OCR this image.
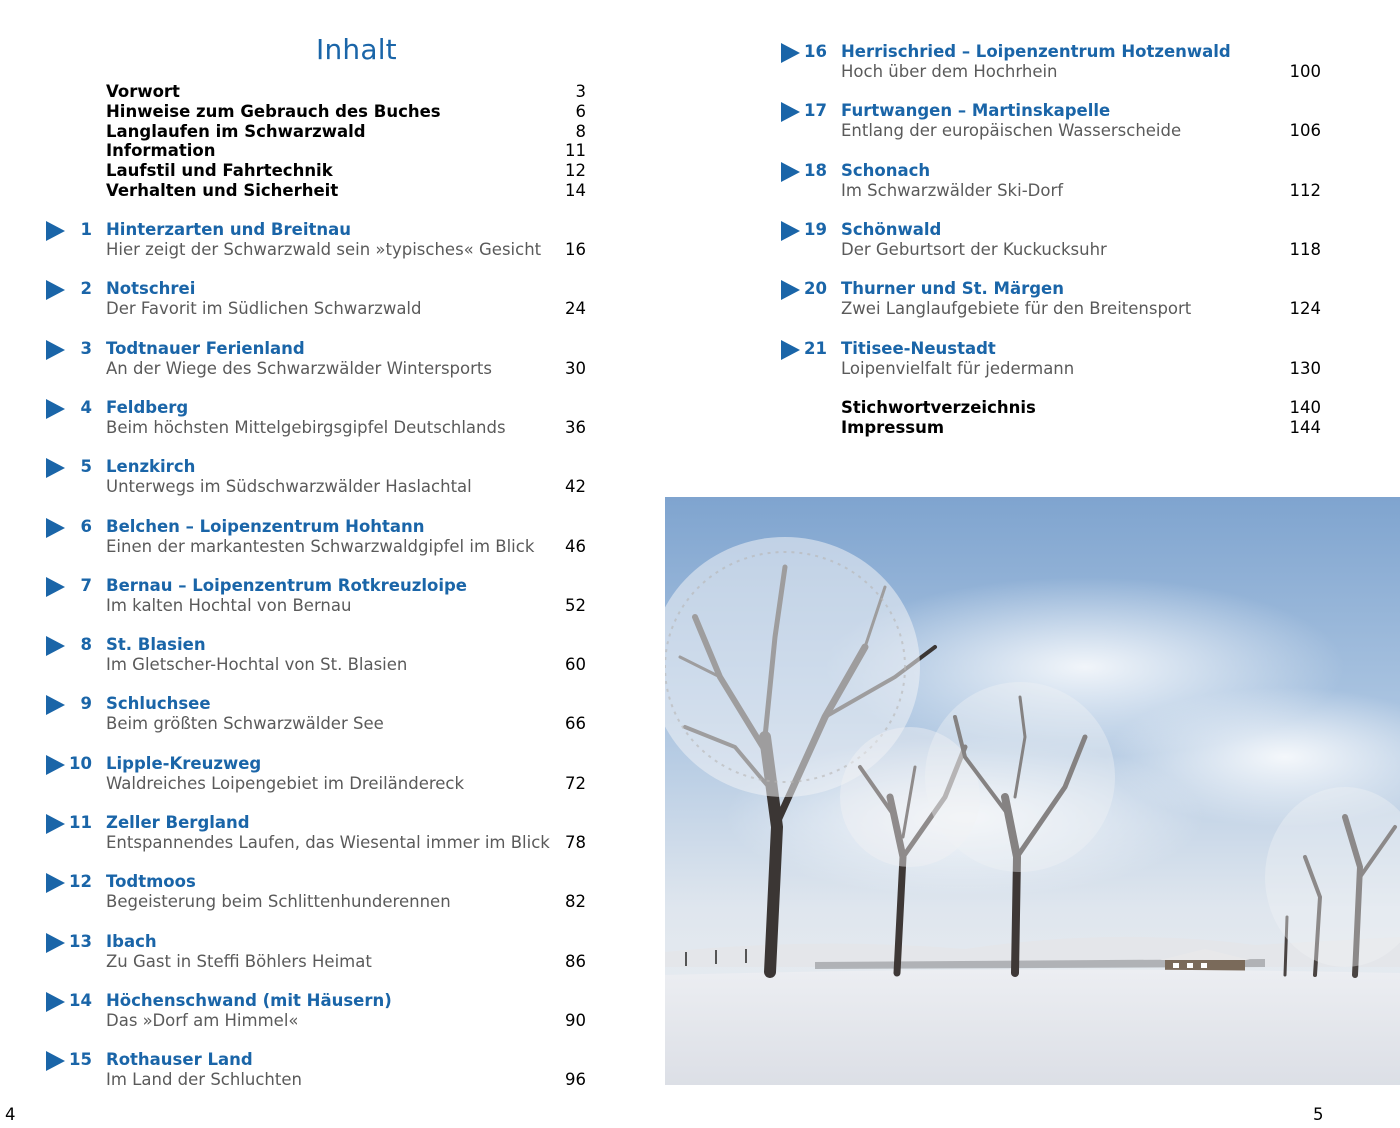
Inhalt
Vorwort	3
Hinweise zum Gebrauch des Buches	6
Langlaufen im Schwarzwald	8
Information	11
Laufstil und Fahrtechnik	12
Verhalten und Sicherheit	14
1 Hinterzarten und Breitnau
Hier zeigt der Schwarzwald sein »typisches« Gesicht 16
2 Notschrei
Der Favorit im Südlichen Schwarzwald	24
3 Todtnauer Ferienland
An der Wiege des Schwarzwälder Wintersports	30
4 Feldberg
Beim höchsten Mittelgebirgsgipfel Deutschlands	36
5 Lenzkirch
Unterwegs im Südschwarzwälder Haslachtal	42
6 Belchen – Loipenzentrum Hohtann
Einen der markantesten Schwarzwaldgipfel im Blick 46
7 Bernau – Loipenzentrum Rotkreuzloipe
Im kalten Hochtal von Bernau	52
8 St. Blasien
Im Gletscher-Hochtal von St. Blasien	60
9 Schluchsee
Beim größten Schwarzwälder See	66
10 Lipple-Kreuzweg
Waldreiches Loipengebiet im Dreiländereck	72
11 Zeller Bergland
Entspannendes Laufen, das Wiesental immer im Blick 78
12 Todtmoos
Begeisterung beim Schlittenhunderennen	82
13 Ibach
Zu Gast in Steffi Böhlers Heimat	86
14 Höchenschwand (mit Häusern)
Das »Dorf am Himmel«	90
15 Rothauser Land
Im Land der Schluchten	96
16 Herrischried – Loipenzentrum Hotzenwald
Hoch über dem Hochrhein	100
17 Furtwangen – Martinskapelle
Entlang der europäischen Wasserscheide	106
18 Schonach
Im Schwarzwälder Ski-Dorf	112
19 Schönwald
Der Geburtsort der Kuckucksuhr	118
20 Thurner und St. Märgen
Zwei Langlaufgebiete für den Breitensport	124
21 Titisee-Neustadt
Loipenvielfalt für jedermann	130
Stichwortverzeichnis	140
Impressum	144
4	5
